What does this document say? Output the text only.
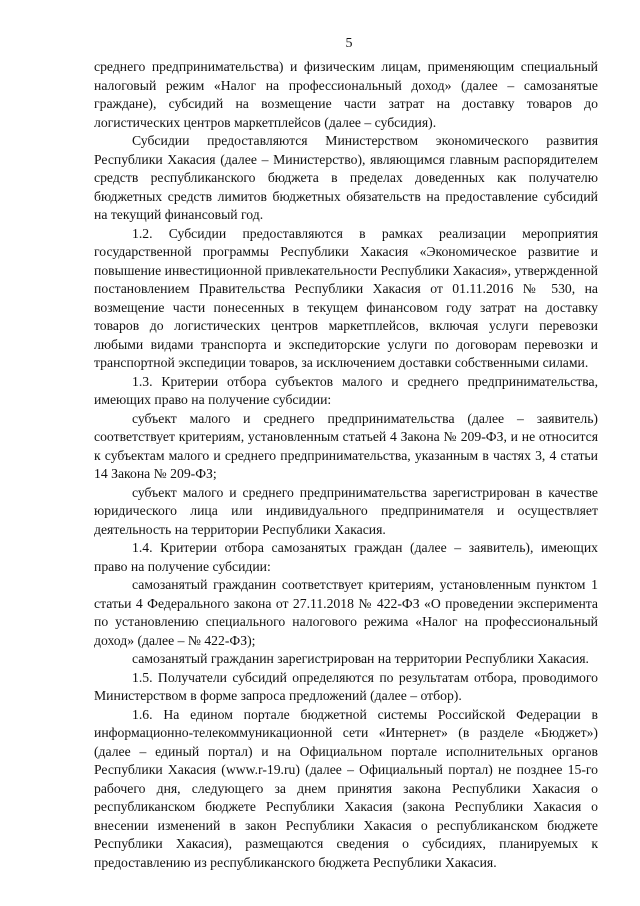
5

среднего предпринимательства) и физическим лицам, применяющим специальный налоговый режим «Налог на профессиональный доход» (далее – самозанятые граждане), субсидий на возмещение части затрат на доставку товаров до логистических центров маркетплейсов (далее – субсидия).

Субсидии предоставляются Министерством экономического развития Республики Хакасия (далее – Министерство), являющимся главным распорядителем средств республиканского бюджета в пределах доведенных как получателю бюджетных средств лимитов бюджетных обязательств на предоставление субсидий на текущий финансовый год.

1.2. Субсидии предоставляются в рамках реализации мероприятия государственной программы Республики Хакасия «Экономическое развитие и повышение инвестиционной привлекательности Республики Хакасия», утвержденной постановлением Правительства Республики Хакасия от 01.11.2016 № 530, на возмещение части понесенных в текущем финансовом году затрат на доставку товаров до логистических центров маркетплейсов, включая услуги перевозки любыми видами транспорта и экспедиторские услуги по договорам перевозки и транспортной экспедиции товаров, за исключением доставки собственными силами.

1.3. Критерии отбора субъектов малого и среднего предпринимательства, имеющих право на получение субсидии:

субъект малого и среднего предпринимательства (далее – заявитель) соответствует критериям, установленным статьей 4 Закона № 209-ФЗ, и не относится к субъектам малого и среднего предпринимательства, указанным в частях 3, 4 статьи 14 Закона № 209-ФЗ;

субъект малого и среднего предпринимательства зарегистрирован в качестве юридического лица или индивидуального предпринимателя и осуществляет деятельность на территории Республики Хакасия.

1.4. Критерии отбора самозанятых граждан (далее – заявитель), имеющих право на получение субсидии:

самозанятый гражданин соответствует критериям, установленным пунктом 1 статьи 4 Федерального закона от 27.11.2018 № 422-ФЗ «О проведении эксперимента по установлению специального налогового режима «Налог на профессиональный доход» (далее – № 422-ФЗ);

самозанятый гражданин зарегистрирован на территории Республики Хакасия.

1.5. Получатели субсидий определяются по результатам отбора, проводимого Министерством в форме запроса предложений (далее – отбор).

1.6. На едином портале бюджетной системы Российской Федерации в информационно-телекоммуникационной сети «Интернет» (в разделе «Бюджет») (далее – единый портал) и на Официальном портале исполнительных органов Республики Хакасия (www.r-19.ru) (далее – Официальный портал) не позднее 15-го рабочего дня, следующего за днем принятия закона Республики Хакасия о республиканском бюджете Республики Хакасия (закона Республики Хакасия о внесении изменений в закон Республики Хакасия о республиканском бюджете Республики Хакасия), размещаются сведения о субсидиях, планируемых к предоставлению из республиканского бюджета Республики Хакасия.
